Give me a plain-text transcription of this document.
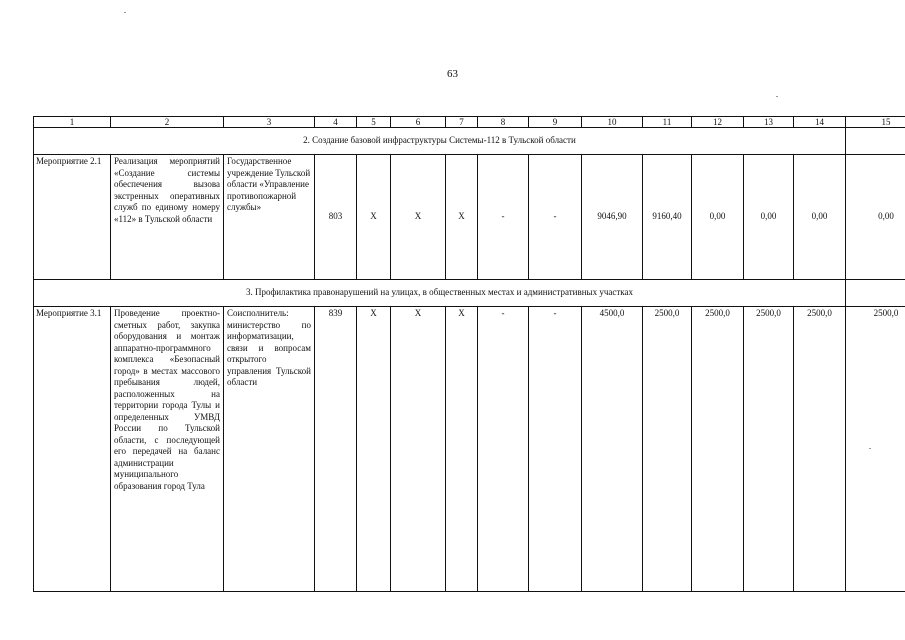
63
1	2	3	4	5	6	7	8	9	10	11	12	13	14	15
2. Создание базовой инфраструктуры Системы-112 в Тульской области														
Мероприятие 2.1	Реализация мероприятий «Создание системы обеспечения вызова экстренных оперативных служб по единому номеру «112» в Тульской области	Государственное учреждение Тульской области «Управление противопожарной службы»	803	Х	Х	Х	-	-	9046,90	9160,40	0,00	0,00	0,00	0,00
3. Профилактика правонарушений на улицах, в общественных местах и административных участках														
Мероприятие 3.1	Проведение проектно-сметных работ, закупка оборудования и монтаж аппаратно-программного комплекса «Безопасный город» в местах массового пребывания людей, расположенных на территории города Тулы и определенных УМВД России по Тульской области, с последующей его передачей на баланс администрации муниципального образования город Тула	Соисполнитель: министерство по информатизации, связи и вопросам открытого управления Тульской области	839	Х	Х	Х	-	-	4500,0	2500,0	2500,0	2500,0	2500,0	2500,0
